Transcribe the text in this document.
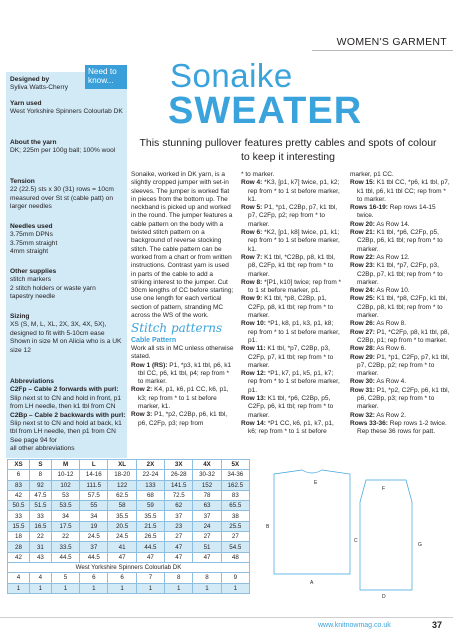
WOMEN'S GARMENT
Designed by
Syliva Watts-Cherry
Yarn used
West Yorkshire Spinners Colourlab DK
About the yarn
DK; 225m per 100g ball; 100% wool
Tension
22 (22.5) sts x 30 (31) rows = 10cm measured over St st (cable patt) on larger needles
Needles used
3.75mm DPNs
3.75mm straight
4mm straight
Other supplies
stitch markers
2 stitch holders or waste yarn
tapestry needle
Sizing
XS (S, M, L, XL, 2X, 3X, 4X, 5X), designed to fit with 5-10cm ease
Shown in size M on Alicia who is a UK size 12
Abbreviations
C2Fp – Cable 2 forwards with purl: Slip next st to CN and hold in front, p1 from LH needle, then k1 tbl from CN
C2Bp – Cable 2 backwards with purl: Slip next st to CN and hold at back, k1 tbl from LH needle, then p1 from CN
See page 94 for
all other abbreviations
Need to know...	Sonaike
SWEATER
This stunning pullover features pretty cables and spots of colour to keep it interesting

Sonaike, worked in DK yarn, is a slightly cropped jumper with set-in sleeves. The jumper is worked flat in pieces from the bottom up. The neckband is picked up and worked in the round. The jumper features a cable pattern on the body with a twisted stitch pattern on a background of reverse stocking stitch. The cable pattern can be worked from a chart or from written instructions. Contrast yarn is used in parts of the cable to add a striking interest to the jumper. Cut 30cm lengths of CC before starting; use one length for each vertical section of pattern, stranding MC across the WS of the work.

Stitch patterns
Cable Pattern

Work all sts in MC unless otherwise stated.

Row 1 (RS): P1, *p3, k1 tbl, p6, k1 tbl CC, p6, k1 tbl, p4; rep from * to marker.
Row 2: K4, p1, k6, p1 CC, k6, p1, k3; rep from * to 1 st before marker, k1.
Row 3: P1, *p2, C2Bp, p6, k1 tbl, p6, C2Fp, p3; rep from
* to marker.
Row 4: *K3, [p1, k7] twice, p1, k2; rep from * to 1 st before marker, k1.
Row 5: P1, *p1, C2Bp, p7, k1 tbl, p7, C2Fp, p2; rep from * to marker.
Row 6: *K2, [p1, k8] twice, p1, k1; rep from * to 1 st before marker, k1.
Row 7: K1 tbl, *C2Bp, p8, k1 tbl, p8, C2Fp, k1 tbl; rep from * to marker.
Row 8: *[P1, k10] twice; rep from * to 1 st before marker, p1.
Row 9: K1 tbl, *p8, C2Bp, p1, C2Fp, p8, k1 tbl; rep from * to marker.
Row 10: *P1, k8, p1, k3, p1, k8; rep from * to 1 st before marker, p1.
Row 11: K1 tbl, *p7, C2Bp, p3, C2Fp, p7, k1 tbl; rep from * to marker.
Row 12: *P1, k7, p1, k5, p1, k7; rep from * to 1 st before marker, p1.
Row 13: K1 tbl, *p6, C2Bp, p5, C2Fp, p6, k1 tbl; rep from * to marker.
Row 14: *P1 CC, k6, p1, k7, p1, k6; rep from * to 1 st before
marker, p1 CC.
Row 15: K1 tbl CC, *p6, k1 tbl, p7, k1 tbl, p6, k1 tbl CC; rep from * to marker.
Rows 16-19: Rep rows 14-15 twice.
Row 20: As Row 14.
Row 21: K1 tbl, *p6, C2Fp, p5, C2Bp, p6, k1 tbl; rep from * to marker.
Row 22: As Row 12.
Row 23: K1 tbl, *p7, C2Fp, p3, C2Bp, p7, k1 tbl; rep from * to marker.
Row 24: As Row 10.
Row 25: K1 tbl, *p8, C2Fp, k1 tbl, C2Bp, p8, k1 tbl; rep from * to marker.
Row 26: As Row 8.
Row 27: P1, *C2Fp, p8, k1 tbl, p8, C2Bp, p1; rep from * to marker.
Row 28: As Row 6.
Row 29: P1, *p1, C2Fp, p7, k1 tbl, p7, C2Bp, p2; rep from * to marker.
Row 30: As Row 4.
Row 31: P1, *p2, C2Fp, p6, k1 tbl, p6, C2Bp, p3; rep from * to marker.
Row 32: As Row 2.
Rows 33-36: Rep rows 1-2 twice. Rep these 36 rows for patt.
XS	S	M	L	XL	2X	3X	4X	5X
6	8	10-12	14-16	18-20	22-24	26-28	30-32	34-36
83	92	102	111.5	122	133	141.5	152	162.5
42	47.5	53	57.5	62.5	68	72.5	78	83
50.5	51.5	53.5	55	58	59	62	63	65.5
33	33	34	34	35.5	35.5	37	37	38
15.5	16.5	17.5	19	20.5	21.5	23	24	25.5
18	22	22	24.5	24.5	26.5	27	27	27
28	31	33.5	37	41	44.5	47	51	54.5
42	43	44.5	44.5	47	47	47	47	48
West Yorkshire Spinners Colourlab DK								
4	4	5	6	6	7	8	8	9
1	1	1	1	1	1	1	1	1
B
E
F
G
C
A
D
www.knitnowmag.co.uk	37
